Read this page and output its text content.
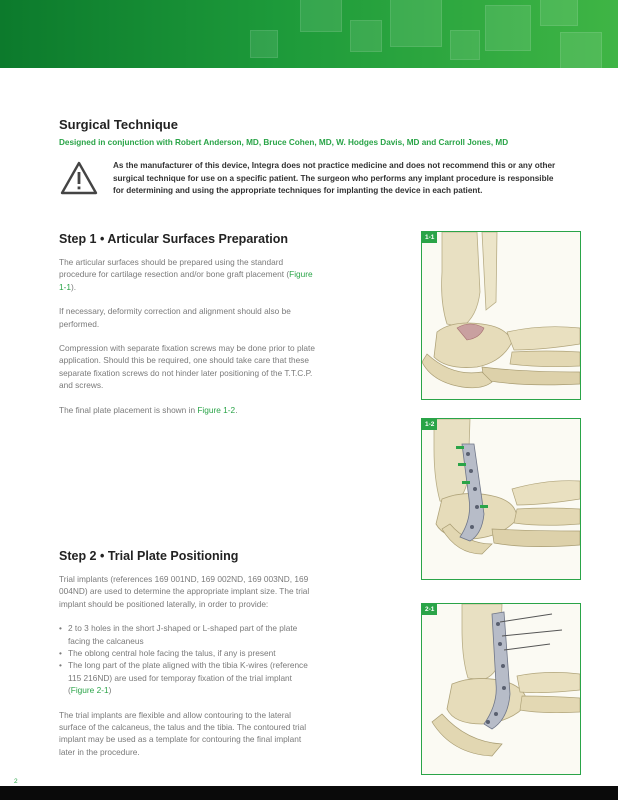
Surgical Technique

Designed in conjunction with Robert Anderson, MD, Bruce Cohen, MD, W. Hodges Davis, MD and Carroll Jones, MD

As the manufacturer of this device, Integra does not practice medicine and does not recommend this or any other surgical technique for use on a specific patient. The surgeon who performs any implant procedure is responsible for determining and using the appropriate techniques for implanting the device in each patient.

Step 1 • Articular Surfaces Preparation

The articular surfaces should be prepared using the standard procedure for cartilage resection and/or bone graft placement (Figure 1-1).

If necessary, deformity correction and alignment should also be performed.

Compression with separate fixation screws may be done prior to plate application. Should this be required, one should take care that these separate fixation screws do not hinder later positioning of the T.T.C.P. and screws.

The final plate placement is shown in Figure 1-2.

Step 2 • Trial Plate Positioning

Trial implants (references 169 001ND, 169 002ND, 169 003ND, 169 004ND) are used to determine the appropriate implant size. The trial implant should be positioned laterally, in order to provide:

• 2 to 3 holes in the short J-shaped or L-shaped part of the plate facing the calcaneus
• The oblong central hole facing the talus, if any is present
• The long part of the plate aligned with the tibia K-wires (reference 115 216ND) are used for temporay fixation of the trial implant (Figure 2-1)

The trial implants are flexible and allow contouring to the lateral surface of the calcaneus, the talus and the tibia. The contoured trial implant may be used as a template for contouring the final implant later in the procedure.

1-1
1-2
2-1
2
